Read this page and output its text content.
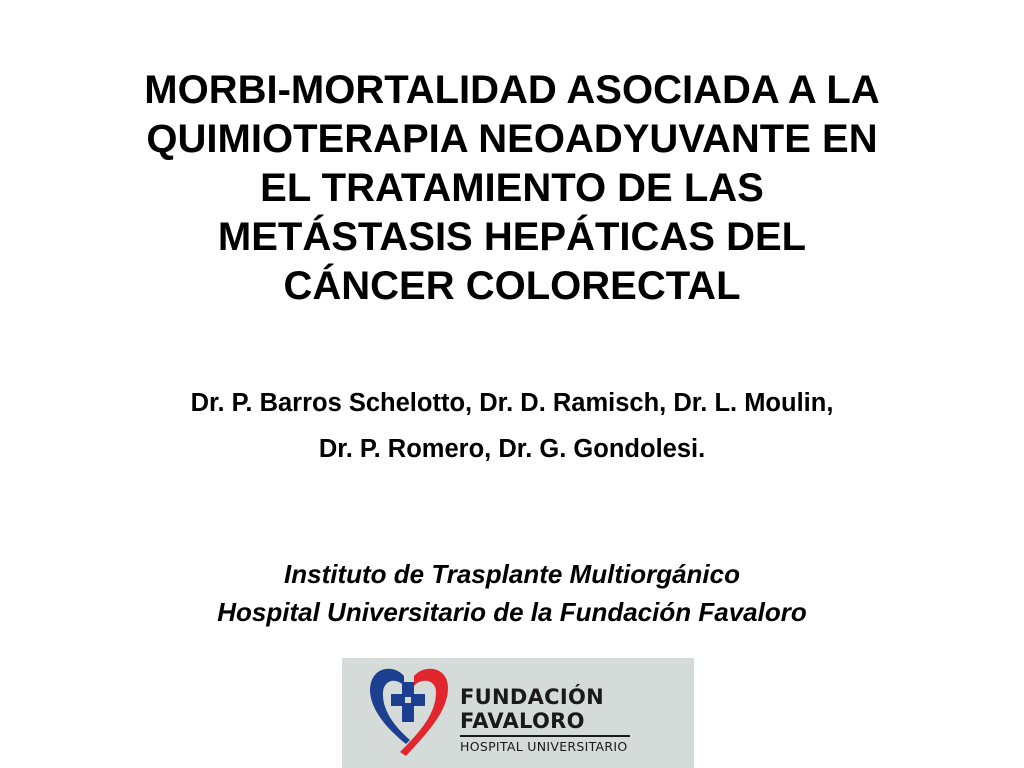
MORBI-MORTALIDAD ASOCIADA A LA
QUIMIOTERAPIA NEOADYUVANTE EN
EL TRATAMIENTO DE LAS
METÁSTASIS HEPÁTICAS DEL
CÁNCER COLORECTAL
Dr. P. Barros Schelotto, Dr. D. Ramisch, Dr. L. Moulin,
Dr. P. Romero, Dr. G. Gondolesi.
Instituto de Trasplante Multiorgánico
Hospital Universitario de la Fundación Favaloro
FUNDACIÓN
FAVALORO
HOSPITAL UNIVERSITARIO
